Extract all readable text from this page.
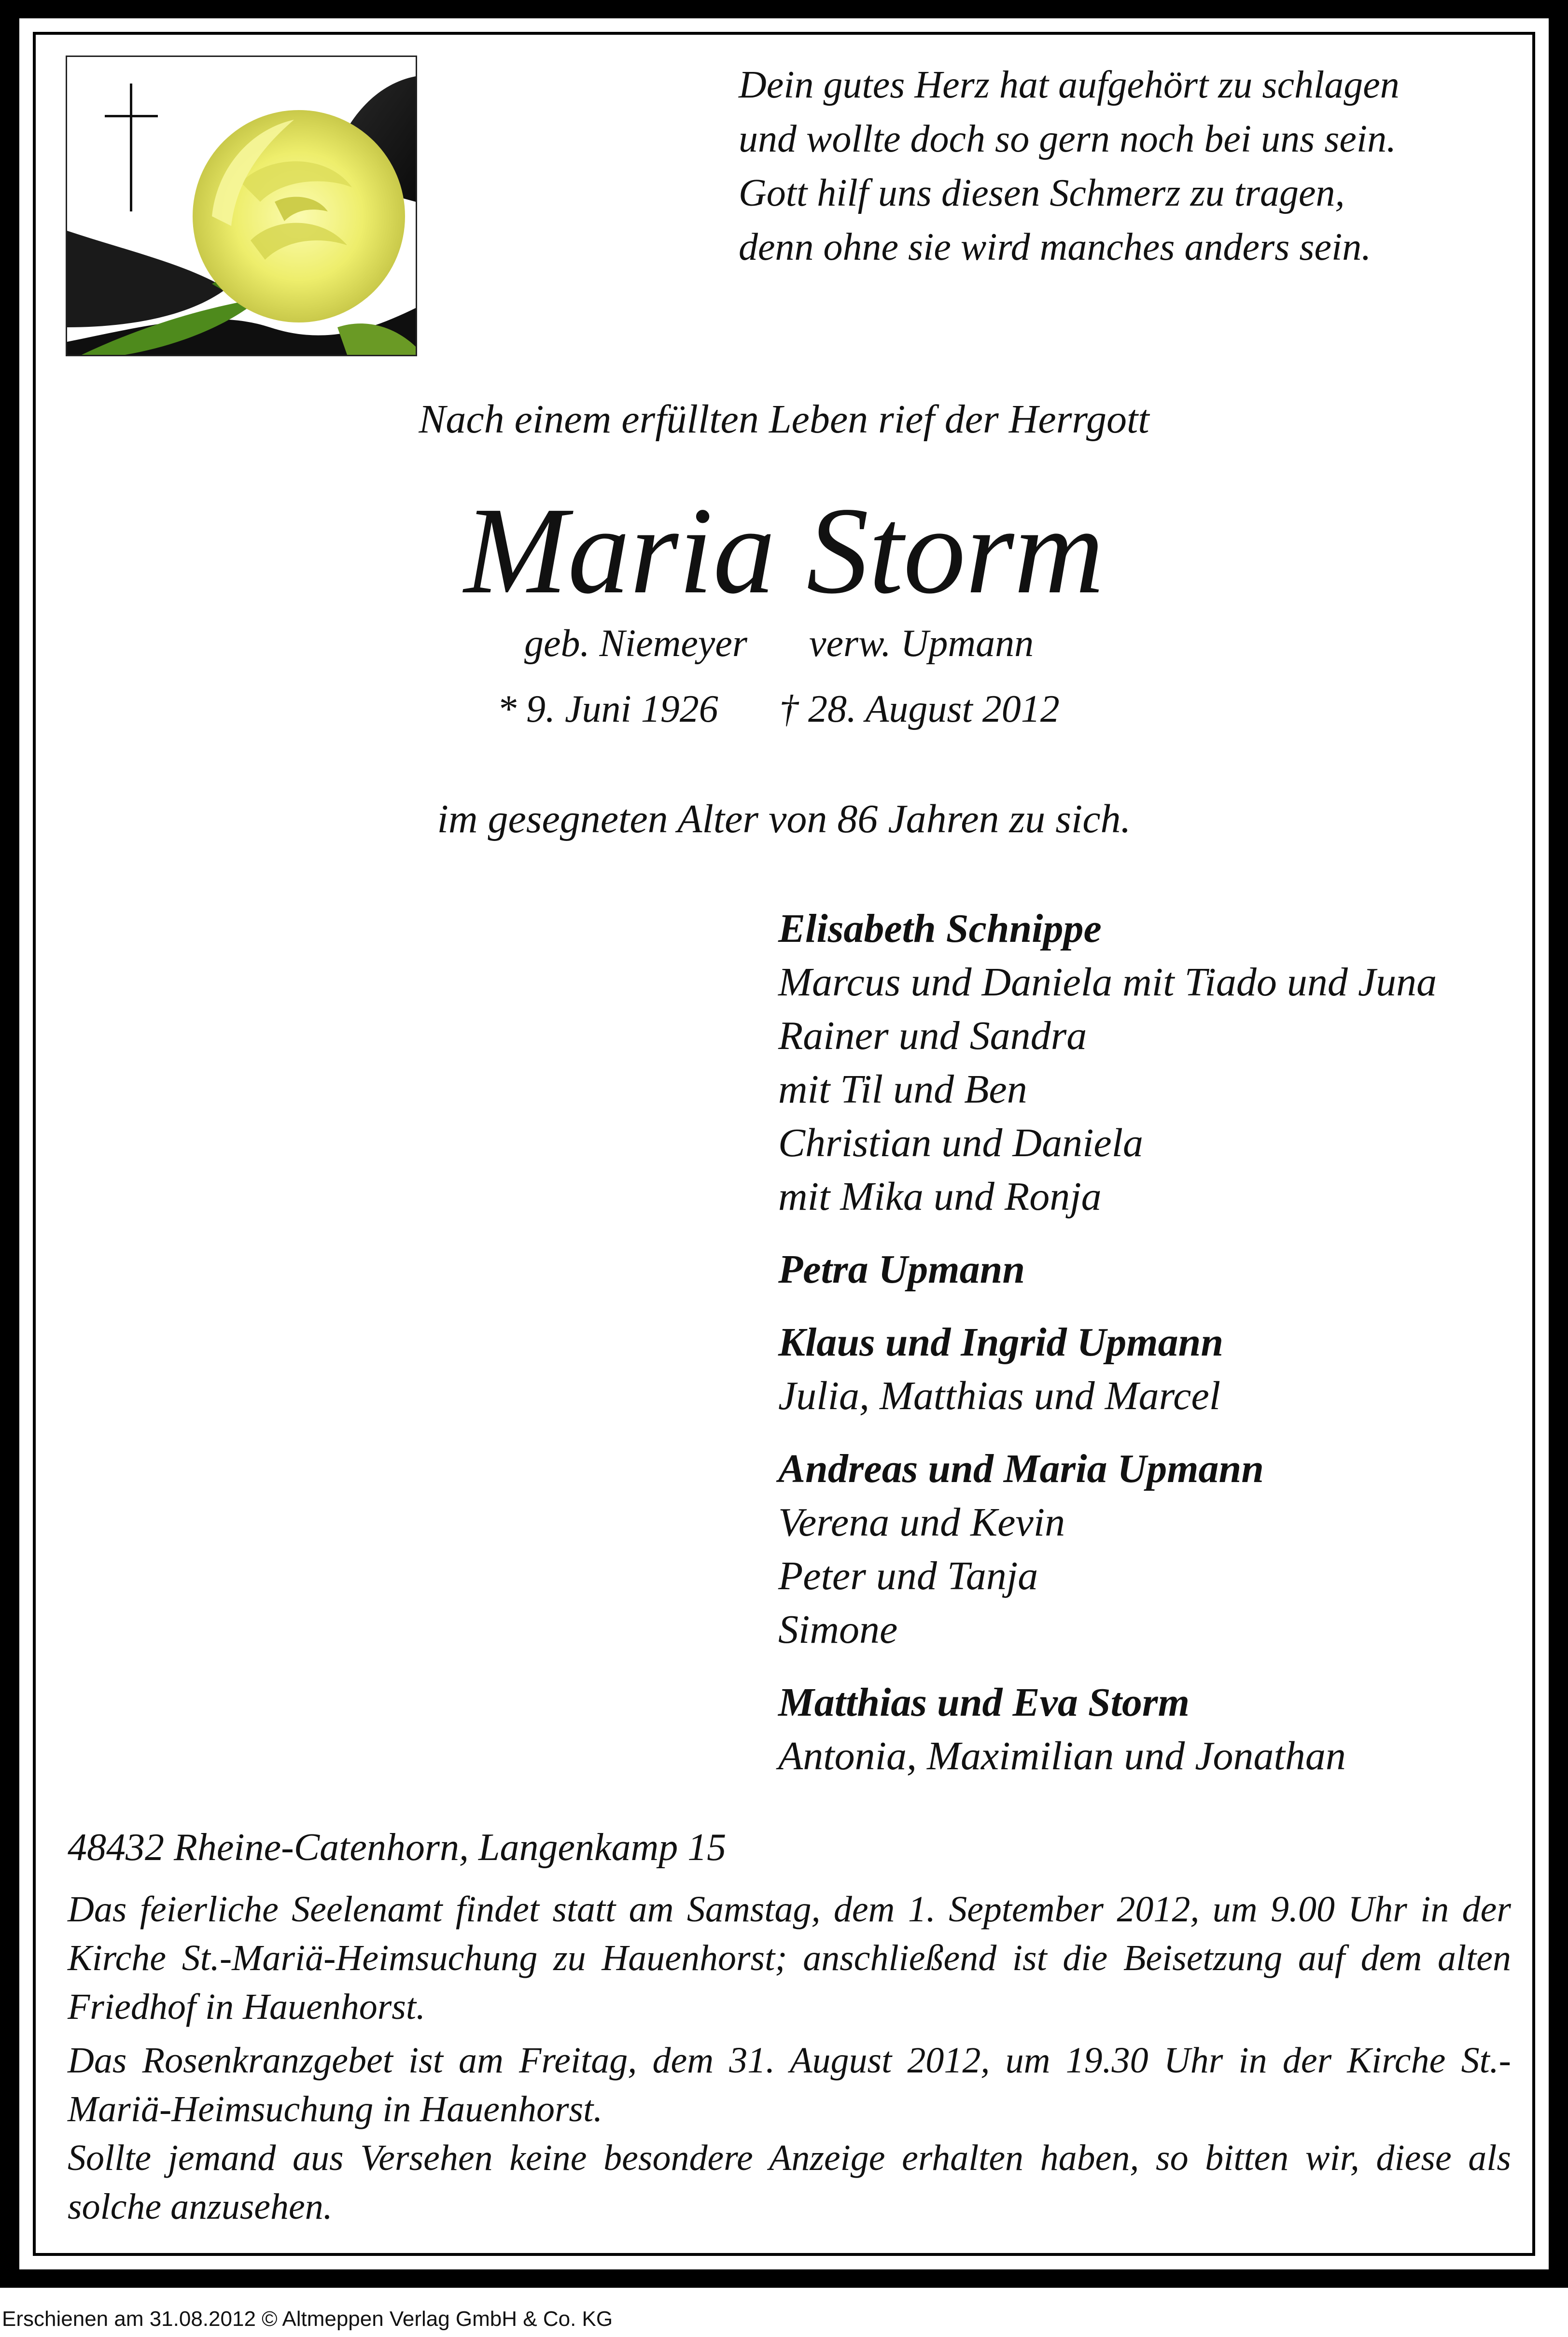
Dein gutes Herz hat aufgehört zu schlagen
und wollte doch so gern noch bei uns sein.
Gott hilf uns diesen Schmerz zu tragen,
denn ohne sie wird manches anders sein.
Nach einem erfüllten Leben rief der Herrgott
Maria Storm
geb. Niemeyer verw. Upmann
* 9. Juni 1926 † 28. August 2012
im gesegneten Alter von 86 Jahren zu sich.
Elisabeth Schnippe
Marcus und Daniela mit Tiado und Juna
Rainer und Sandra
mit Til und Ben
Christian und Daniela
mit Mika und Ronja
Petra Upmann
Klaus und Ingrid Upmann
Julia, Matthias und Marcel
Andreas und Maria Upmann
Verena und Kevin
Peter und Tanja
Simone
Matthias und Eva Storm
Antonia, Maximilian und Jonathan
48432 Rheine-Catenhorn, Langenkamp 15
Das feierliche Seelenamt findet statt am Samstag, dem 1. September 2012, um 9.00 Uhr in der Kirche St.-Mariä-Heimsuchung zu Hauenhorst; anschließend ist die Beisetzung auf dem alten Friedhof in Hauenhorst.
Das Rosenkranzgebet ist am Freitag, dem 31. August 2012, um 19.30 Uhr in der Kirche St.-Mariä-Heimsuchung in Hauenhorst.
Sollte jemand aus Versehen keine besondere Anzeige erhalten haben, so bitten wir, diese als solche anzusehen.
Erschienen am 31.08.2012 © Altmeppen Verlag GmbH & Co. KG
